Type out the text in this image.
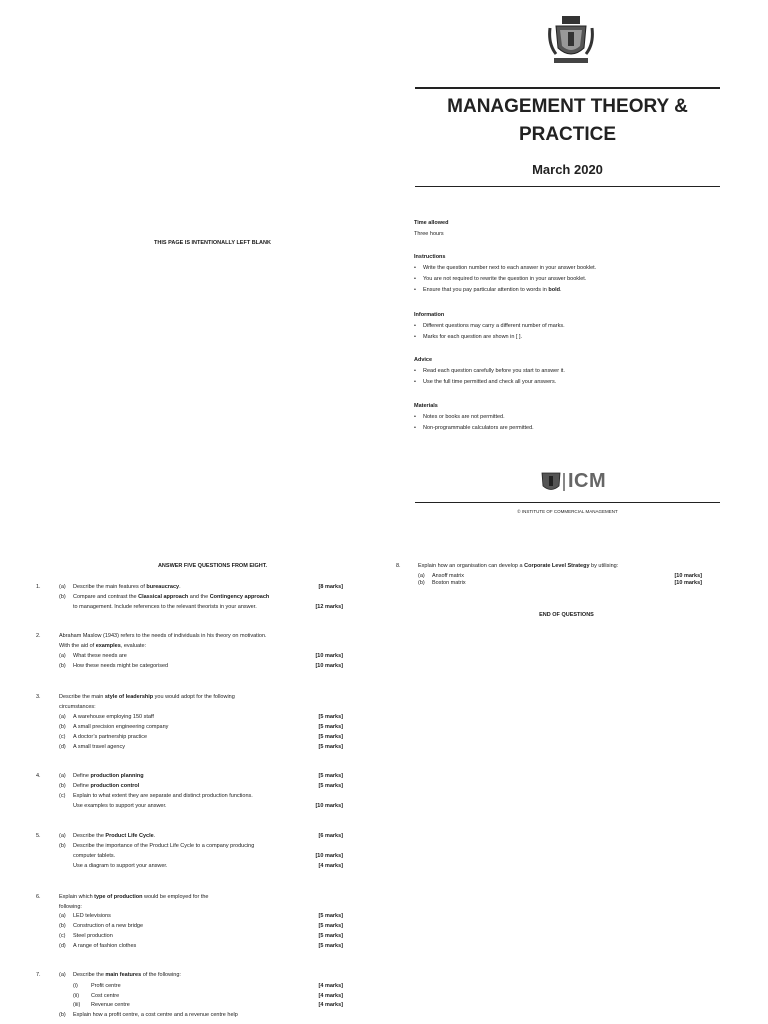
MANAGEMENT THEORY & PRACTICE
March 2020
THIS PAGE IS INTENTIONALLY LEFT BLANK
Time allowed

Three hours

Instructions
• Write the question number next to each answer in your answer booklet.
• You are not required to rewrite the question in your answer booklet.
• Ensure that you pay particular attention to words in bold.
Information
• Different questions may carry a different number of marks.
• Marks for each question are shown in [ ].
Advice
• Read each question carefully before you start to answer it.
• Use the full time permitted and check all your answers.
Materials
• Notes or books are not permitted.
• Non-programmable calculators are permitted.
ICM
© INSTITUTE OF COMMERCIAL MANAGEMENT
ANSWER FIVE QUESTIONS FROM EIGHT.
1.	(a) Describe the main features of bureaucracy.	[8 marks]
(b) Compare and contrast the Classical approach and the Contingency approach
to management. Include references to the relevant theorists in your answer.	[12 marks]
2.	Abraham Maslow (1943) refers to the needs of individuals in his theory on motivation.
With the aid of examples, evaluate:
(a) What these needs are	[10 marks]
(b) How these needs might be categorised	[10 marks]
3.	Describe the main style of leadership you would adopt for the following
circumstances:
(a) A warehouse employing 150 staff	[5 marks]
(b) A small precision engineering company	[5 marks]
(c) A doctor’s partnership practice	[5 marks]
(d) A small travel agency	[5 marks]
4.	(a) Define production planning	[5 marks]
(b) Define production control	[5 marks]
(c) Explain to what extent they are separate and distinct production functions.
Use examples to support your answer.	[10 marks]
5.	(a) Describe the Product Life Cycle.	[6 marks]
(b) Describe the importance of the Product Life Cycle to a company producing
computer tablets.	[10 marks]
Use a diagram to support your answer.	[4 marks]
6.	Explain which type of production would be employed for the
following:
(a) LED televisions	[5 marks]
(b) Construction of a new bridge	[5 marks]
(c) Steel production	[5 marks]
(d) A range of fashion clothes	[5 marks]
7.	(a) Describe the main features of the following:
(i) Profit centre	[4 marks]
(ii) Cost centre	[4 marks]
(iii) Revenue centre	[4 marks]
(b) Explain how a profit centre, a cost centre and a revenue centre help
8.	Explain how an organisation can develop a Corporate Level Strategy by utilising:
(a) Ansoff matrix	[10 marks]
(b) Boston matrix	[10 marks]
END OF QUESTIONS
